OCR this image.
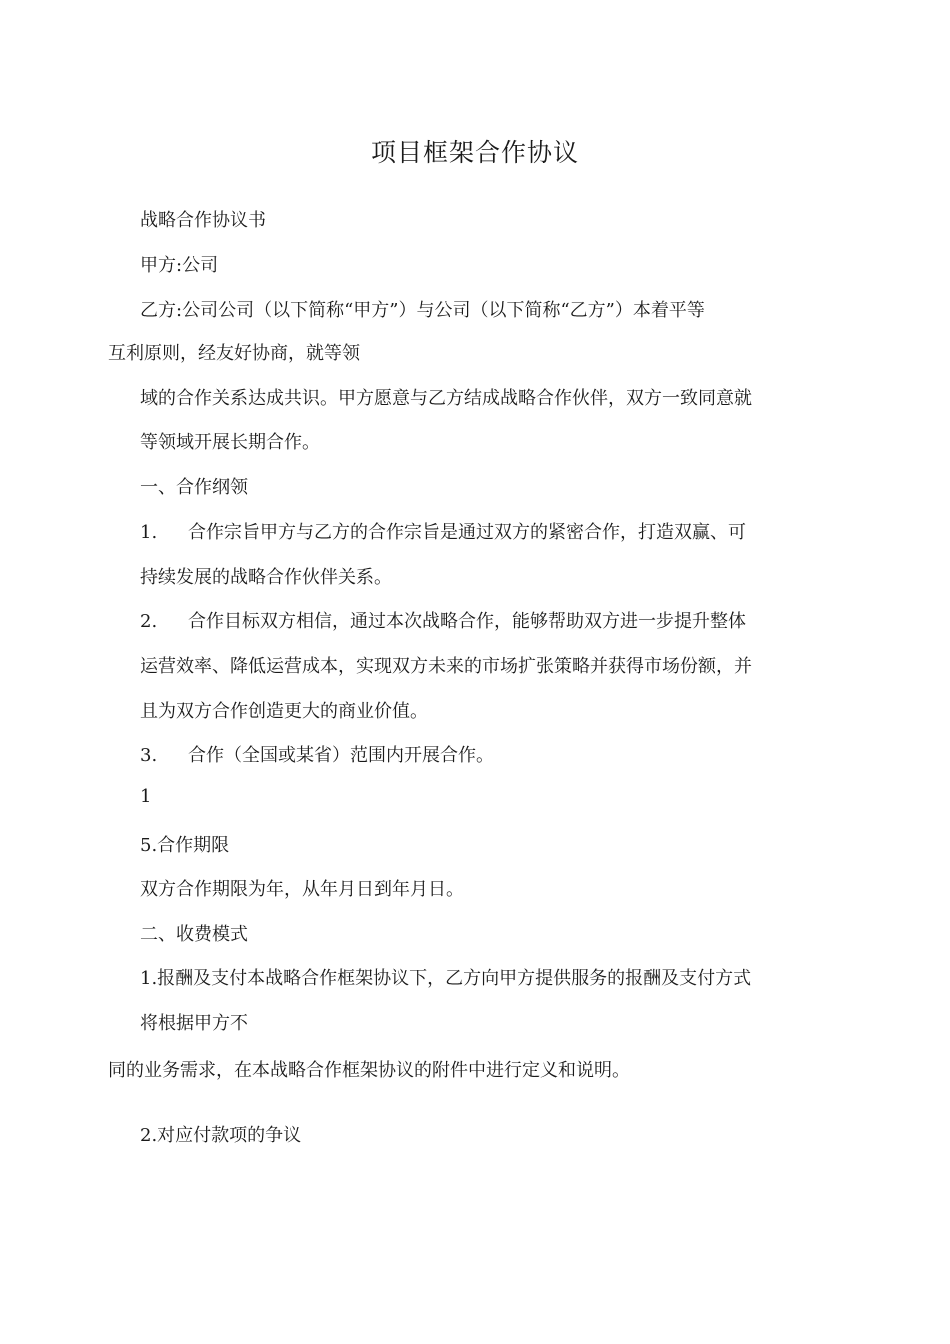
项目框架合作协议

战略合作协议书

甲方:公司

乙方:公司公司（以下简称“甲方”）与公司（以下简称“乙方”）本着平等

互利原则，经友好协商，就等领

域的合作关系达成共识。甲方愿意与乙方结成战略合作伙伴，双方一致同意就

等领域开展长期合作。

一、合作纲领

1. 合作宗旨甲方与乙方的合作宗旨是通过双方的紧密合作，打造双赢、可

持续发展的战略合作伙伴关系。

2. 合作目标双方相信，通过本次战略合作，能够帮助双方进一步提升整体

运营效率、降低运营成本，实现双方未来的市场扩张策略并获得市场份额，并

且为双方合作创造更大的商业价值。

3. 合作（全国或某省）范围内开展合作。

1

5.合作期限

双方合作期限为年，从年月日到年月日。

二、收费模式

1.报酬及支付本战略合作框架协议下，乙方向甲方提供服务的报酬及支付方式

将根据甲方不

同的业务需求，在本战略合作框架协议的附件中进行定义和说明。

2.对应付款项的争议
